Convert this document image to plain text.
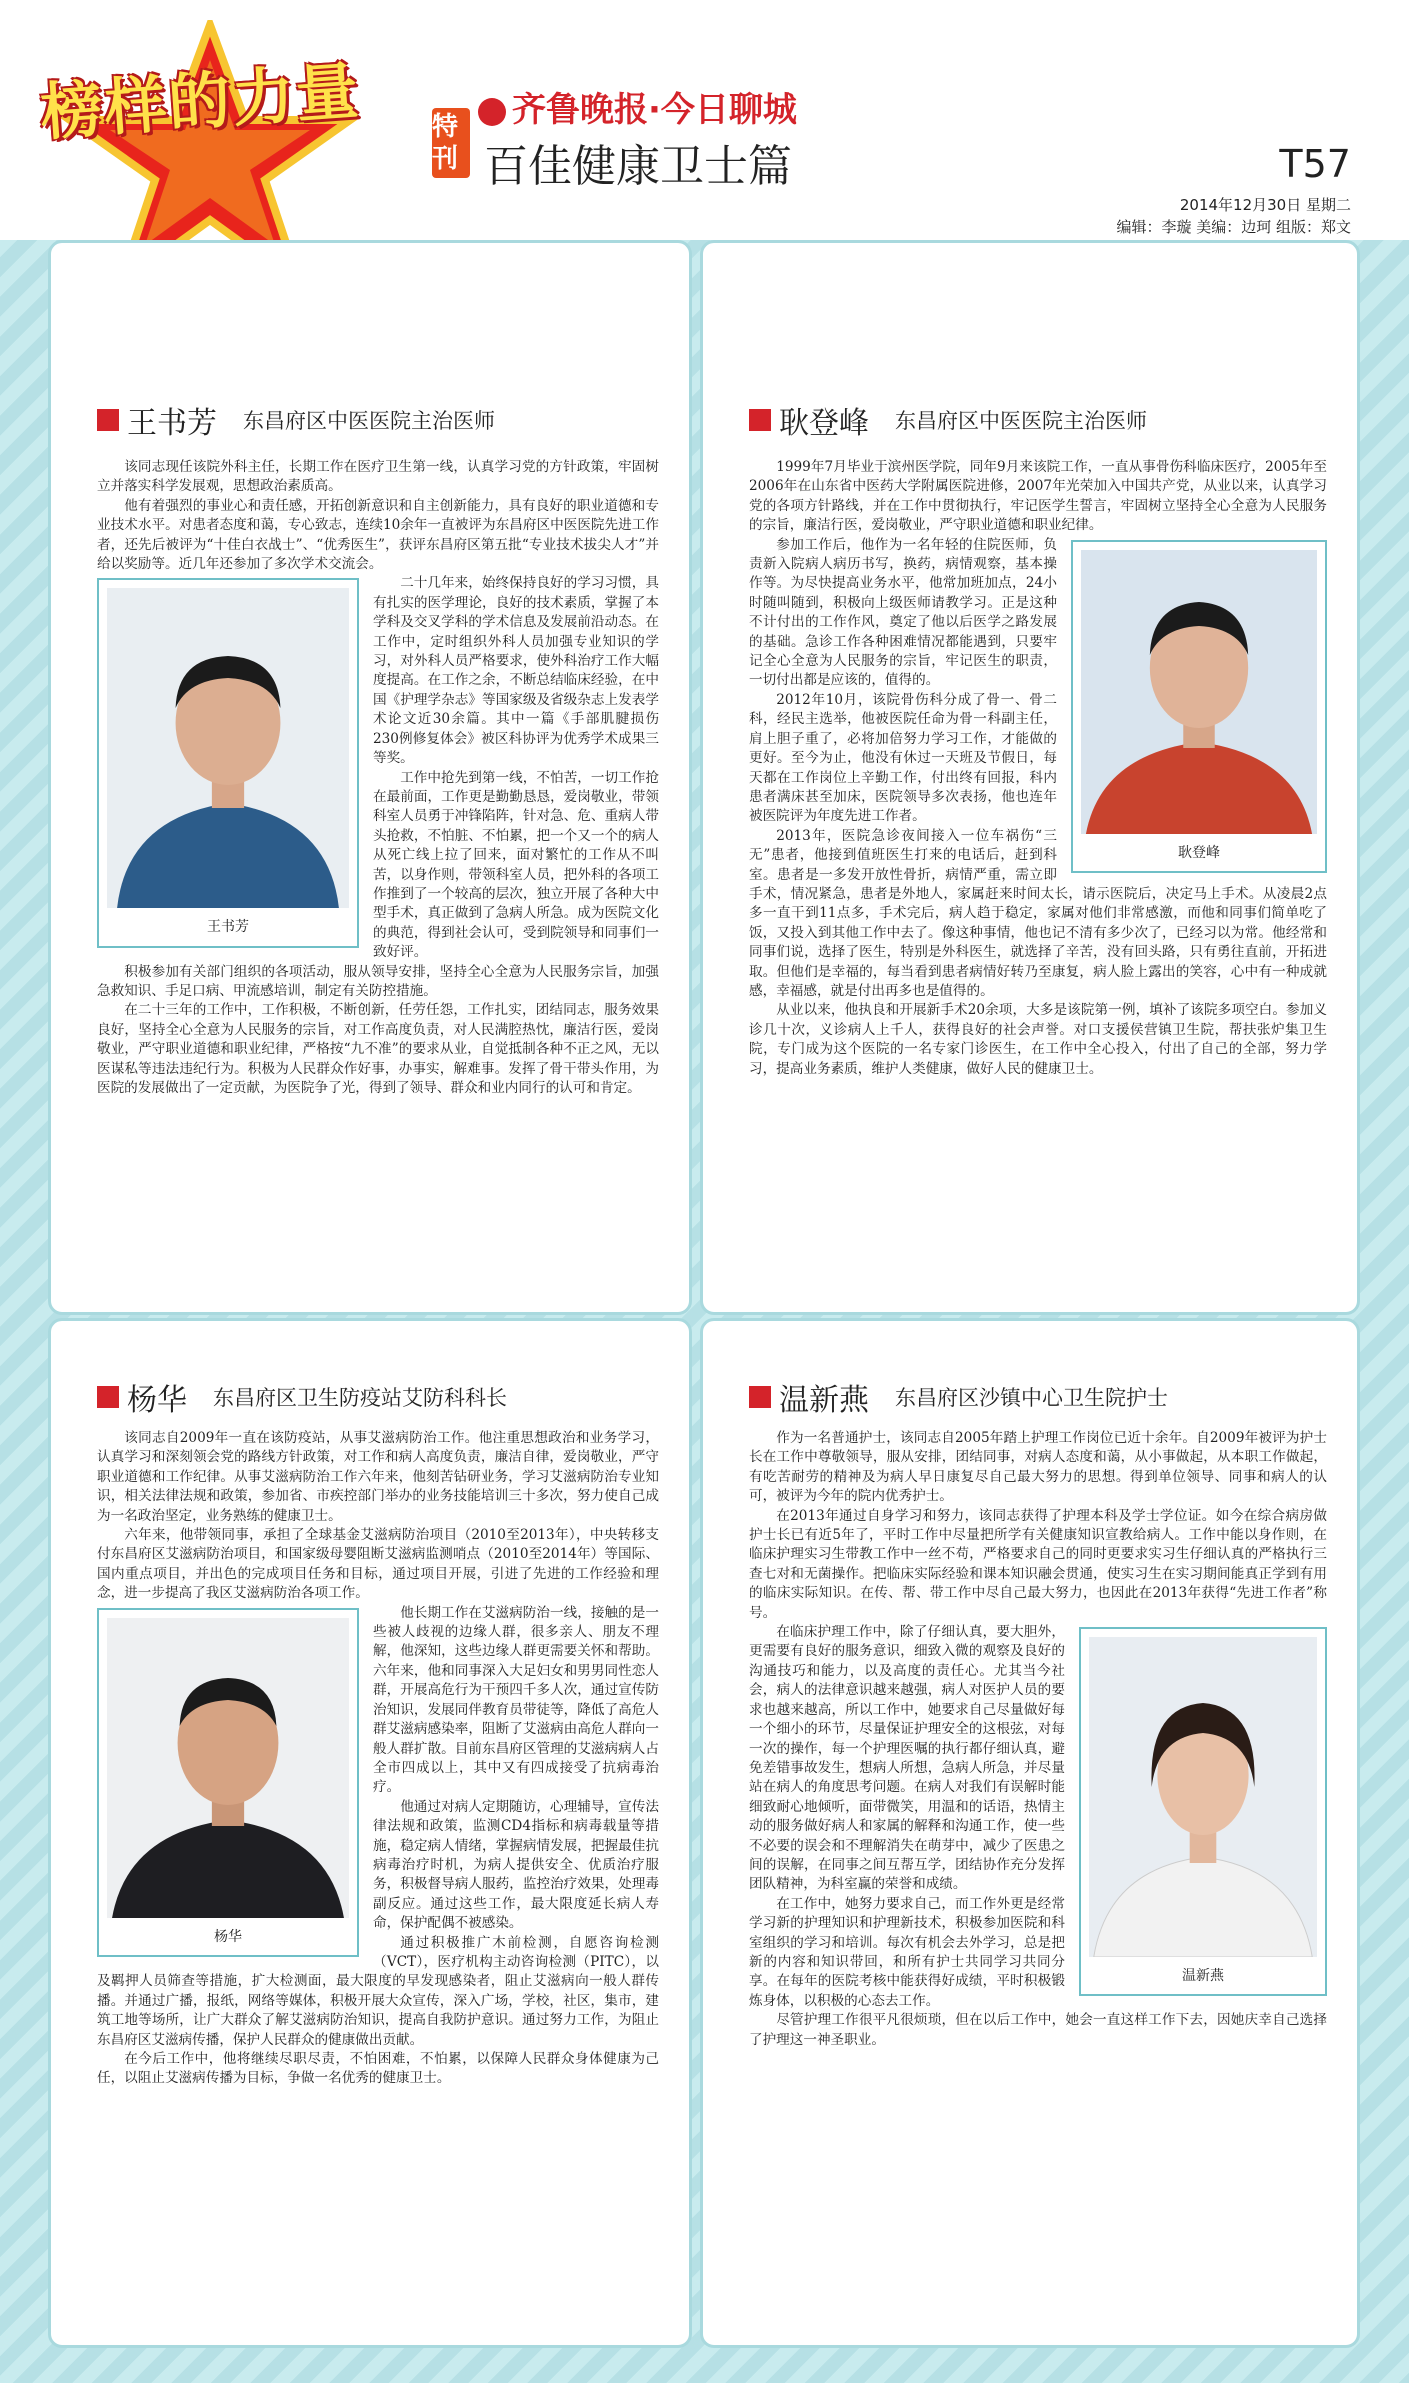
榜样的力量	特刊
齐鲁晚报·今日聊城
百佳健康卫士篇	T57
2014年12月30日 星期二
编辑：李璇 美编：边珂 组版：郑文
王书芳 东昌府区中医医院主治医师

该同志现任该院外科主任，长期工作在医疗卫生第一线，认真学习党的方针政策，牢固树立并落实科学发展观，思想政治素质高。

他有着强烈的事业心和责任感，开拓创新意识和自主创新能力，具有良好的职业道德和专业技术水平。对患者态度和蔼，专心致志，连续10余年一直被评为东昌府区中医医院先进工作者，还先后被评为“十佳白衣战士”、“优秀医生”，获评东昌府区第五批“专业技术拔尖人才”并给以奖励等。近几年还参加了多次学术交流会。

王书芳

二十几年来，始终保持良好的学习习惯，具有扎实的医学理论，良好的技术素质，掌握了本学科及交叉学科的学术信息及发展前沿动态。在工作中，定时组织外科人员加强专业知识的学习，对外科人员严格要求，使外科治疗工作大幅度提高。在工作之余，不断总结临床经验，在中国《护理学杂志》等国家级及省级杂志上发表学术论文近30余篇。其中一篇《手部肌腱损伤230例修复体会》被区科协评为优秀学术成果三等奖。

工作中抢先到第一线，不怕苦，一切工作抢在最前面，工作更是勤勤恳恳，爱岗敬业，带领科室人员勇于冲锋陷阵，针对急、危、重病人带头抢救，不怕脏、不怕累，把一个又一个的病人从死亡线上拉了回来，面对繁忙的工作从不叫苦，以身作则，带领科室人员，把外科的各项工作推到了一个较高的层次，独立开展了各种大中型手术，真正做到了急病人所急。成为医院文化的典范，得到社会认可，受到院领导和同事们一致好评。

积极参加有关部门组织的各项活动，服从领导安排，坚持全心全意为人民服务宗旨，加强急救知识、手足口病、甲流感培训，制定有关防控措施。

在二十三年的工作中，工作积极，不断创新，任劳任怨，工作扎实，团结同志，服务效果良好，坚持全心全意为人民服务的宗旨，对工作高度负责，对人民满腔热忱，廉洁行医，爱岗敬业，严守职业道德和职业纪律，严格按“九不准”的要求从业，自觉抵制各种不正之风，无以医谋私等违法违纪行为。积极为人民群众作好事，办事实，解难事。发挥了骨干带头作用，为医院的发展做出了一定贡献，为医院争了光，得到了领导、群众和业内同行的认可和肯定。

耿登峰 东昌府区中医医院主治医师

1999年7月毕业于滨州医学院，同年9月来该院工作，一直从事骨伤科临床医疗，2005年至2006年在山东省中医药大学附属医院进修，2007年光荣加入中国共产党，从业以来，认真学习党的各项方针路线，并在工作中贯彻执行，牢记医学生誓言，牢固树立坚持全心全意为人民服务的宗旨，廉洁行医，爱岗敬业，严守职业道德和职业纪律。

耿登峰

参加工作后，他作为一名年轻的住院医师，负责新入院病人病历书写，换药，病情观察，基本操作等。为尽快提高业务水平，他常加班加点，24小时随叫随到，积极向上级医师请教学习。正是这种不计付出的工作作风，奠定了他以后医学之路发展的基础。急诊工作各种困难情况都能遇到，只要牢记全心全意为人民服务的宗旨，牢记医生的职责，一切付出都是应该的，值得的。

2012年10月，该院骨伤科分成了骨一、骨二科，经民主选举，他被医院任命为骨一科副主任，肩上胆子重了，必将加倍努力学习工作，才能做的更好。至今为止，他没有休过一天班及节假日，每天都在工作岗位上辛勤工作，付出终有回报，科内患者满床甚至加床，医院领导多次表扬，他也连年被医院评为年度先进工作者。

2013年，医院急诊夜间接入一位车祸伤“三无”患者，他接到值班医生打来的电话后，赶到科室。患者是一多发开放性骨折，病情严重，需立即手术，情况紧急，患者是外地人，家属赶来时间太长，请示医院后，决定马上手术。从凌晨2点多一直干到11点多，手术完后，病人趋于稳定，家属对他们非常感激，而他和同事们简单吃了饭，又投入到其他工作中去了。像这种事情，他也记不清有多少次了，已经习以为常。他经常和同事们说，选择了医生，特别是外科医生，就选择了辛苦，没有回头路，只有勇往直前，开拓进取。但他们是幸福的，每当看到患者病情好转乃至康复，病人脸上露出的笑容，心中有一种成就感，幸福感，就是付出再多也是值得的。

从业以来，他执良和开展新手术20余项，大多是该院第一例，填补了该院多项空白。参加义诊几十次，义诊病人上千人，获得良好的社会声誉。对口支援侯营镇卫生院，帮扶张炉集卫生院，专门成为这个医院的一名专家门诊医生，在工作中全心投入，付出了自己的全部，努力学习，提高业务素质，维护人类健康，做好人民的健康卫士。

杨华 东昌府区卫生防疫站艾防科科长

该同志自2009年一直在该防疫站，从事艾滋病防治工作。他注重思想政治和业务学习，认真学习和深刻领会党的路线方针政策，对工作和病人高度负责，廉洁自律，爱岗敬业，严守职业道德和工作纪律。从事艾滋病防治工作六年来，他刻苦钻研业务，学习艾滋病防治专业知识，相关法律法规和政策，参加省、市疾控部门举办的业务技能培训三十多次，努力使自己成为一名政治坚定，业务熟练的健康卫士。

六年来，他带领同事，承担了全球基金艾滋病防治项目（2010至2013年），中央转移支付东昌府区艾滋病防治项目，和国家级母婴阻断艾滋病监测哨点（2010至2014年）等国际、国内重点项目，并出色的完成项目任务和目标，通过项目开展，引进了先进的工作经验和理念，进一步提高了我区艾滋病防治各项工作。

杨华

他长期工作在艾滋病防治一线，接触的是一些被人歧视的边缘人群，很多亲人、朋友不理解，他深知，这些边缘人群更需要关怀和帮助。六年来，他和同事深入大足妇女和男男同性恋人群，开展高危行为干预四千多人次，通过宣传防治知识，发展同伴教育员带徒等，降低了高危人群艾滋病感染率，阻断了艾滋病由高危人群向一般人群扩散。目前东昌府区管理的艾滋病病人占全市四成以上，其中又有四成接受了抗病毒治疗。

他通过对病人定期随访，心理辅导，宣传法律法规和政策，监测CD4指标和病毒载量等措施，稳定病人情绪，掌握病情发展，把握最佳抗病毒治疗时机，为病人提供安全、优质治疗服务，积极督导病人服药，监控治疗效果，处理毒副反应。通过这些工作，最大限度延长病人寿命，保护配偶不被感染。

通过积极推广木前检测，自愿咨询检测（VCT），医疗机构主动咨询检测（PITC），以及羁押人员筛查等措施，扩大检测面，最大限度的早发现感染者，阻止艾滋病向一般人群传播。并通过广播，报纸，网络等媒体，积极开展大众宣传，深入广场，学校，社区，集市，建筑工地等场所，让广大群众了解艾滋病防治知识，提高自我防护意识。通过努力工作，为阻止东昌府区艾滋病传播，保护人民群众的健康做出贡献。

在今后工作中，他将继续尽职尽责，不怕困难，不怕累，以保障人民群众身体健康为己任，以阻止艾滋病传播为目标，争做一名优秀的健康卫士。

温新燕 东昌府区沙镇中心卫生院护士

作为一名普通护士，该同志自2005年踏上护理工作岗位已近十余年。自2009年被评为护士长在工作中尊敬领导，服从安排，团结同事，对病人态度和蔼，从小事做起，从本职工作做起，有吃苦耐劳的精神及为病人早日康复尽自己最大努力的思想。得到单位领导、同事和病人的认可，被评为今年的院内优秀护士。

在2013年通过自身学习和努力，该同志获得了护理本科及学士学位证。如今在综合病房做护士长已有近5年了，平时工作中尽量把所学有关健康知识宣教给病人。工作中能以身作则，在临床护理实习生带教工作中一丝不苟，严格要求自己的同时更要求实习生仔细认真的严格执行三查七对和无菌操作。把临床实际经验和课本知识融会贯通，使实习生在实习期间能真正学到有用的临床实际知识。在传、帮、带工作中尽自己最大努力，也因此在2013年获得“先进工作者”称号。

温新燕

在临床护理工作中，除了仔细认真，要大胆外，更需要有良好的服务意识，细致入微的观察及良好的沟通技巧和能力，以及高度的责任心。尤其当今社会，病人的法律意识越来越强，病人对医护人员的要求也越来越高，所以工作中，她要求自己尽量做好每一个细小的环节，尽量保证护理安全的这根弦，对每一次的操作，每一个护理医嘱的执行都仔细认真，避免差错事故发生，想病人所想，急病人所急，并尽量站在病人的角度思考问题。在病人对我们有误解时能细致耐心地倾听，面带微笑，用温和的话语，热情主动的服务做好病人和家属的解释和沟通工作，使一些不必要的误会和不理解消失在萌芽中，减少了医患之间的误解，在同事之间互帮互学，团结协作充分发挥团队精神，为科室赢的荣誉和成绩。

在工作中，她努力要求自己，而工作外更是经常学习新的护理知识和护理新技术，积极参加医院和科室组织的学习和培训。每次有机会去外学习，总是把新的内容和知识带回，和所有护士共同学习共同分享。在每年的医院考核中能获得好成绩，平时积极锻炼身体，以积极的心态去工作。

尽管护理工作很平凡很烦琐，但在以后工作中，她会一直这样工作下去，因她庆幸自己选择了护理这一神圣职业。
